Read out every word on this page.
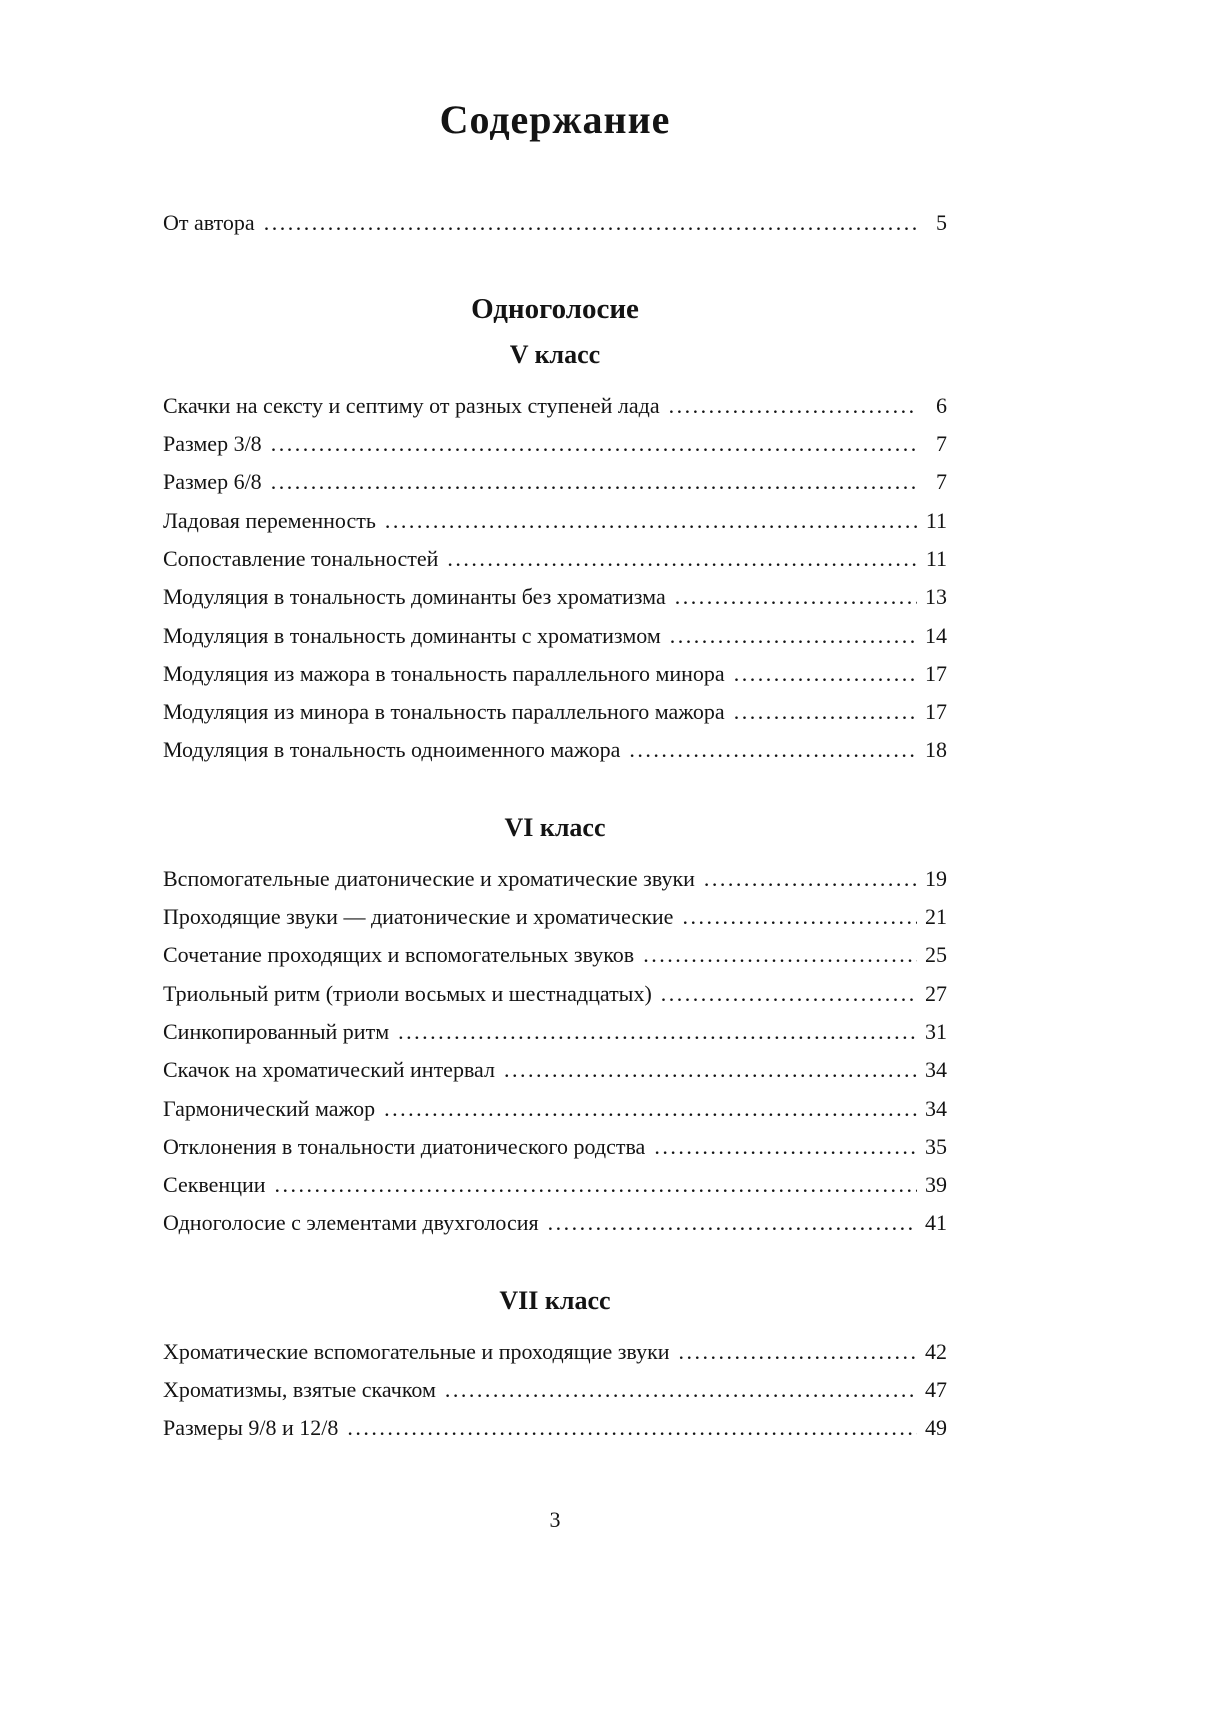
Содержание
От автора .....	5
Одноголосие
V класс
Скачки на сексту и септиму от разных ступеней лада .....	6
Размер 3/8 .....	7
Размер 6/8 .....	7
Ладовая переменность .....	11
Сопоставление тональностей .....	11
Модуляция в тональность доминанты без хроматизма .....	13
Модуляция в тональность доминанты с хроматизмом .....	14
Модуляция из мажора в тональность параллельного минора .....	17
Модуляция из минора в тональность параллельного мажора .....	17
Модуляция в тональность одноименного мажора .....	18
VI класс
Вспомогательные диатонические и хроматические звуки .....	19
Проходящие звуки — диатонические и хроматические .....	21
Сочетание проходящих и вспомогательных звуков .....	25
Триольный ритм (триоли восьмых и шестнадцатых) .....	27
Синкопированный ритм .....	31
Скачок на хроматический интервал .....	34
Гармонический мажор .....	34
Отклонения в тональности диатонического родства .....	35
Секвенции .....	39
Одноголосие с элементами двухголосия .....	41
VII класс
Хроматические вспомогательные и проходящие звуки .....	42
Хроматизмы, взятые скачком .....	47
Размеры 9/8 и 12/8 .....	49
3
